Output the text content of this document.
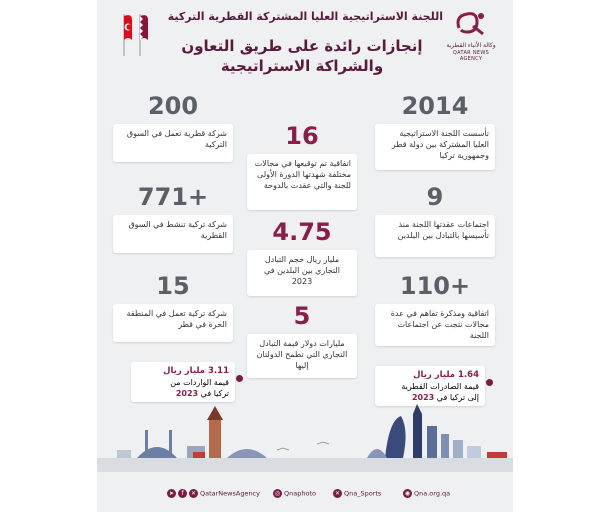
اللجنة الاستراتيجية العليا المشتركة القطرية التركية
وكالة الأنباء القطرية
QATAR NEWS AGENCY
إنجازات رائدة على طريق التعاون
والشراكة الاستراتيجية
2014
تأسست اللجنة الاستراتيجية العليا المشتركة بين دولة قطر وجمهورية تركيا
9
اجتماعات عقدتها اللجنة منذ تأسيسها بالتبادل بين البلدين
110+
اتفاقية ومذكرة تفاهم في عدة مجالات نتجت عن اجتماعات اللجنة
1.64 مليار ريال
قيمة الصادرات القطرية
إلى تركيا في 2023
16
اتفاقية تم توقيعها في مجالات مختلفة شهدتها الدورة الأولى للجنة والتي عقدت بالدوحة
4.75
مليار ريال حجم التبادل التجاري بين البلدين في 2023
5
مليارات دولار قيمة التبادل التجاري التي تطمح الدولتان إليها
200
شركة قطرية تعمل في السوق التركية
771+
شركة تركية تنشط في السوق القطرية
15
شركة تركية تعمل في المنطقة الحرة في قطر
3.11 مليار ريال
قيمة الواردات من
تركيا في 2023
➤ f ✕ QatarNewsAgency	◎ Qnaphoto	✕ Qna_Sports	◉ Qna.org.qa
